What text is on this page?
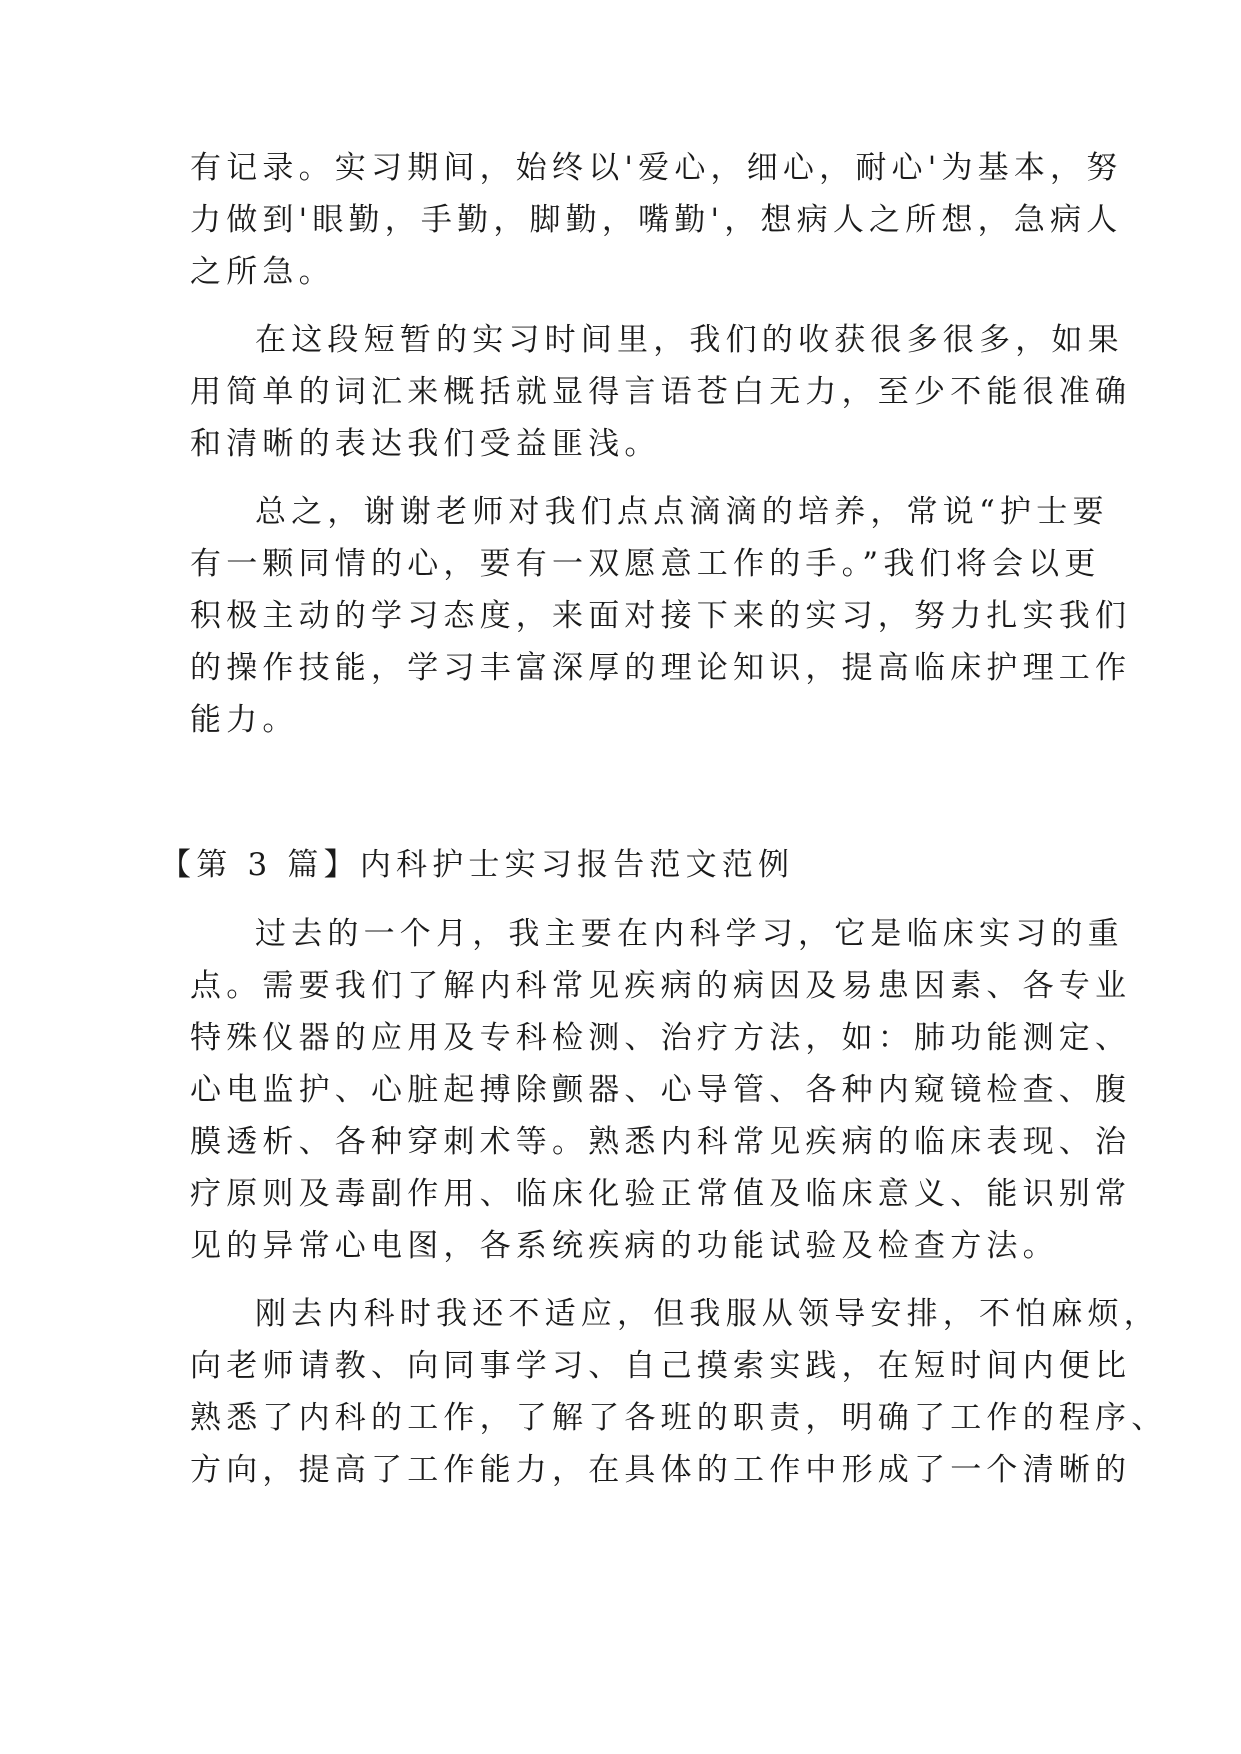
有记录。实习期间，始终以'爱心，细心，耐心'为基本，努
力做到'眼勤，手勤，脚勤，嘴勤'，想病人之所想，急病人
之所急。
在这段短暂的实习时间里，我们的收获很多很多，如果
用简单的词汇来概括就显得言语苍白无力，至少不能很准确
和清晰的表达我们受益匪浅。
总之，谢谢老师对我们点点滴滴的培养，常说“护士要
有一颗同情的心，要有一双愿意工作的手。”我们将会以更
积极主动的学习态度，来面对接下来的实习，努力扎实我们
的操作技能，学习丰富深厚的理论知识，提高临床护理工作
能力。
【第 3 篇】内科护士实习报告范文范例
过去的一个月，我主要在内科学习，它是临床实习的重
点。需要我们了解内科常见疾病的病因及易患因素、各专业
特殊仪器的应用及专科检测、治疗方法，如：肺功能测定、
心电监护、心脏起搏除颤器、心导管、各种内窥镜检查、腹
膜透析、各种穿刺术等。熟悉内科常见疾病的临床表现、治
疗原则及毒副作用、临床化验正常值及临床意义、能识别常
见的异常心电图，各系统疾病的功能试验及检查方法。
刚去内科时我还不适应，但我服从领导安排，不怕麻烦，
向老师请教、向同事学习、自己摸索实践，在短时间内便比
熟悉了内科的工作，了解了各班的职责，明确了工作的程序、
方向，提高了工作能力，在具体的工作中形成了一个清晰的
